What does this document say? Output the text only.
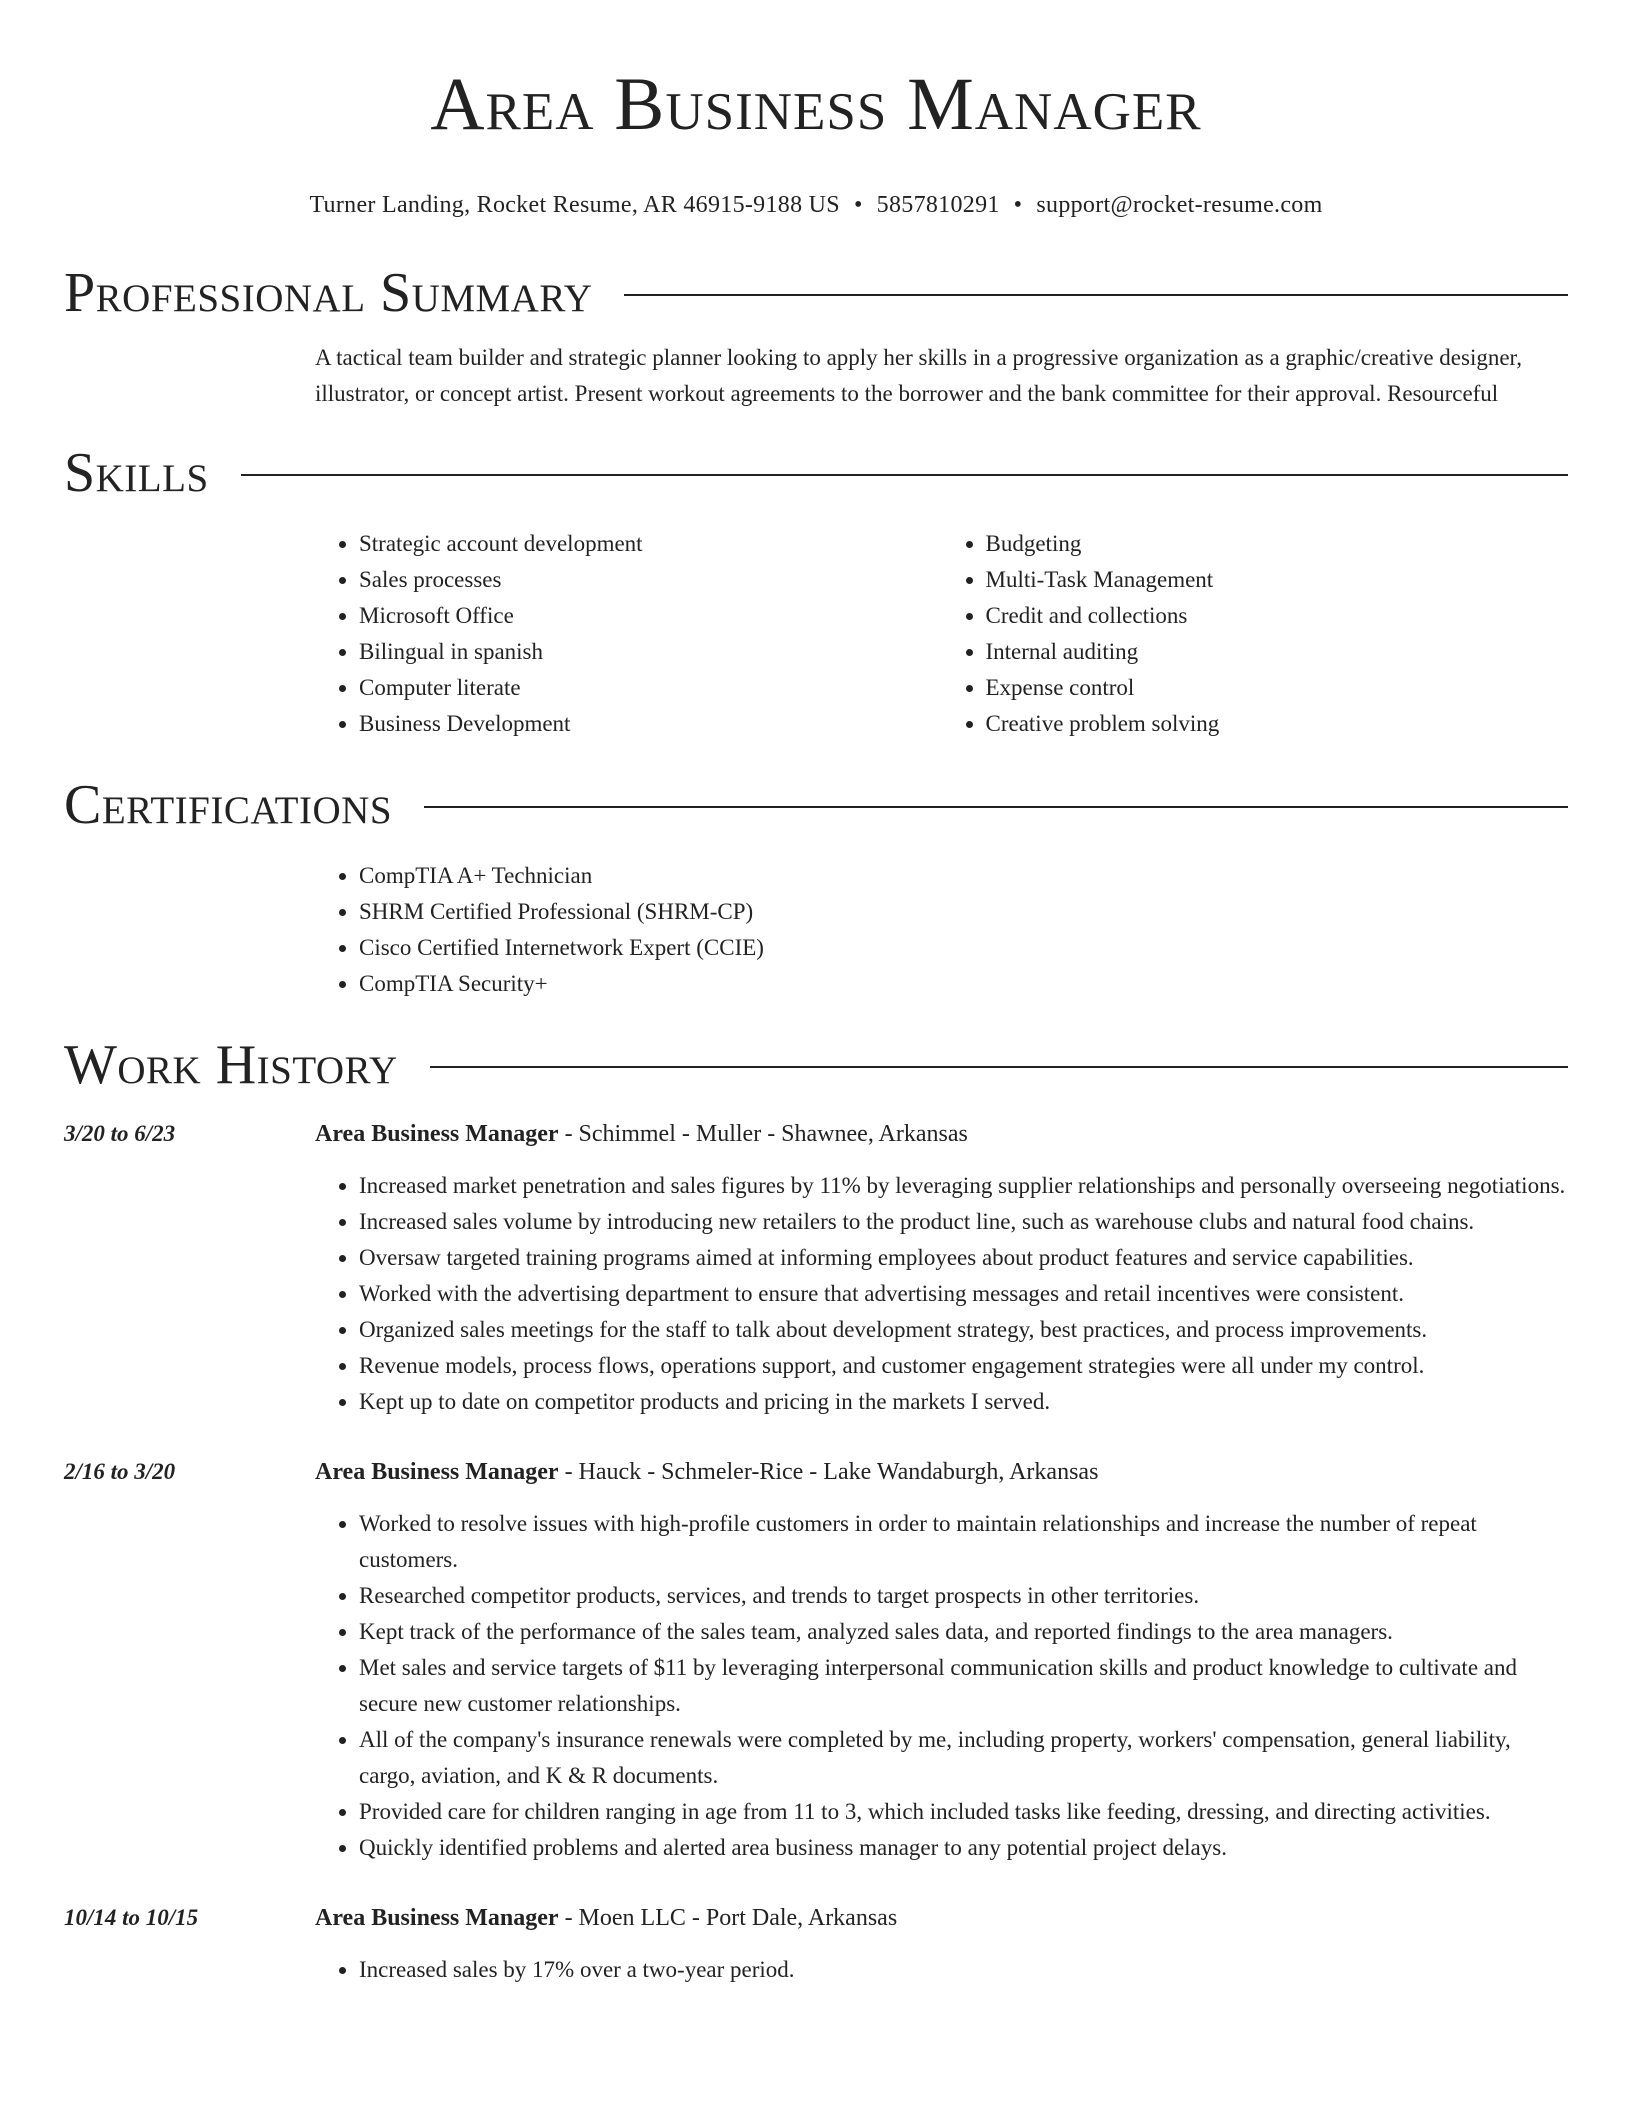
Area Business Manager
Turner Landing, Rocket Resume, AR 46915-9188 US • 5857810291 • support@rocket-resume.com
Professional Summary
A tactical team builder and strategic planner looking to apply her skills in a progressive organization as a graphic/creative designer, illustrator, or concept artist. Present workout agreements to the borrower and the bank committee for their approval. Resourceful
Skills
• Strategic account development
• Sales processes
• Microsoft Office
• Bilingual in spanish
• Computer literate
• Business Development
• Budgeting
• Multi-Task Management
• Credit and collections
• Internal auditing
• Expense control
• Creative problem solving
Certifications
• CompTIA A+ Technician
• SHRM Certified Professional (SHRM-CP)
• Cisco Certified Internetwork Expert (CCIE)
• CompTIA Security+
Work History
3/20 to 6/23	Area Business Manager - Schimmel - Muller - Shawnee, Arkansas
• Increased market penetration and sales figures by 11% by leveraging supplier relationships and personally overseeing negotiations.
• Increased sales volume by introducing new retailers to the product line, such as warehouse clubs and natural food chains.
• Oversaw targeted training programs aimed at informing employees about product features and service capabilities.
• Worked with the advertising department to ensure that advertising messages and retail incentives were consistent.
• Organized sales meetings for the staff to talk about development strategy, best practices, and process improvements.
• Revenue models, process flows, operations support, and customer engagement strategies were all under my control.
• Kept up to date on competitor products and pricing in the markets I served.
2/16 to 3/20	Area Business Manager - Hauck - Schmeler-Rice - Lake Wandaburgh, Arkansas
• Worked to resolve issues with high-profile customers in order to maintain relationships and increase the number of repeat customers.
• Researched competitor products, services, and trends to target prospects in other territories.
• Kept track of the performance of the sales team, analyzed sales data, and reported findings to the area managers.
• Met sales and service targets of $11 by leveraging interpersonal communication skills and product knowledge to cultivate and secure new customer relationships.
• All of the company's insurance renewals were completed by me, including property, workers' compensation, general liability, cargo, aviation, and K & R documents.
• Provided care for children ranging in age from 11 to 3, which included tasks like feeding, dressing, and directing activities.
• Quickly identified problems and alerted area business manager to any potential project delays.
10/14 to 10/15	Area Business Manager - Moen LLC - Port Dale, Arkansas
• Increased sales by 17% over a two-year period.
